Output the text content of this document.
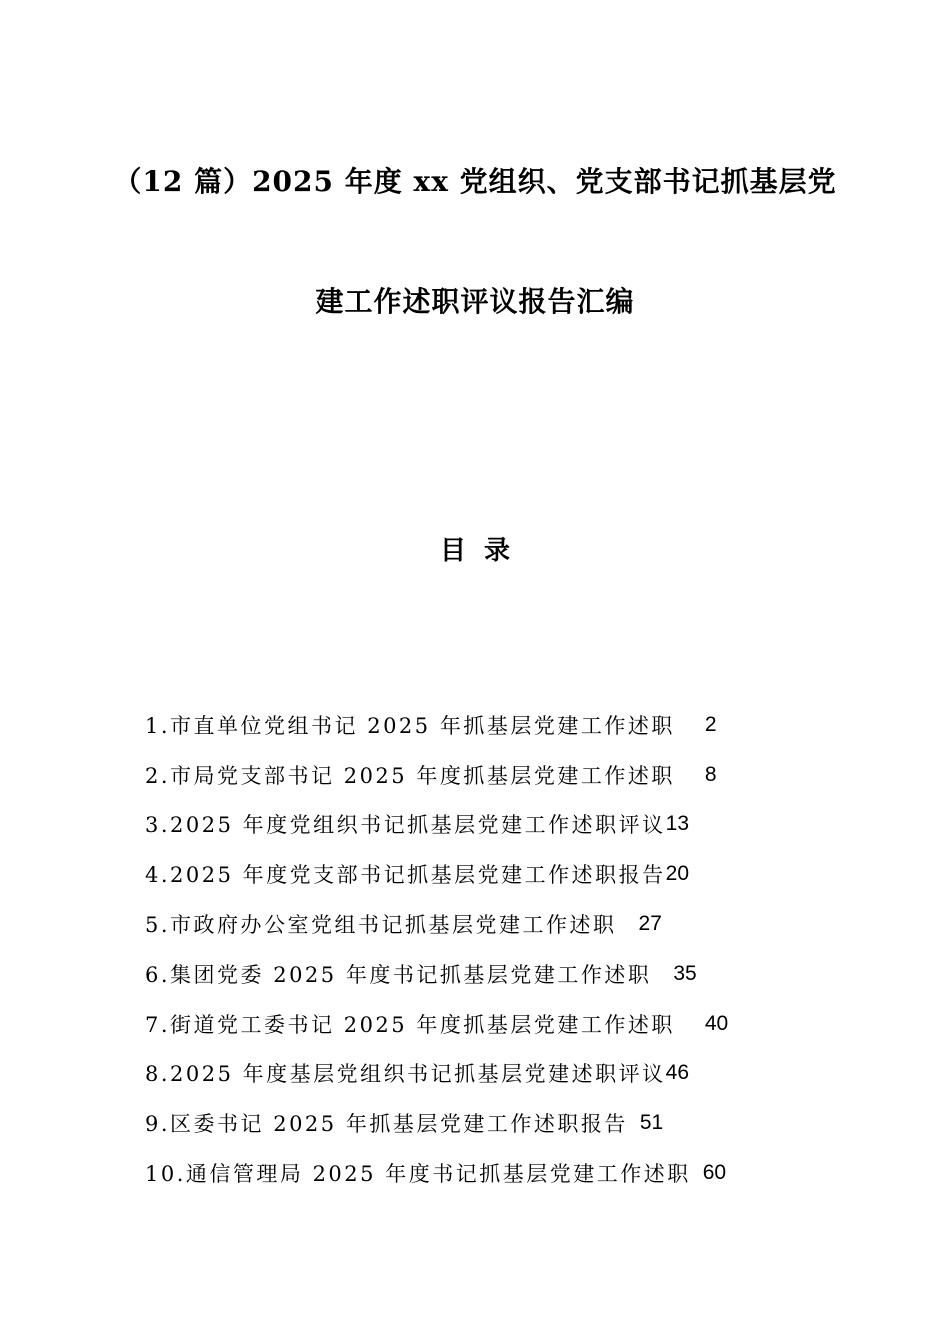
（12 篇）2025 年度 xx 党组织、党支部书记抓基层党
建工作述职评议报告汇编
目录
1.市直单位党组书记 2025 年抓基层党建工作述职 2
2.市局党支部书记 2025 年度抓基层党建工作述职 8
3.2025 年度党组织书记抓基层党建工作述职评议 13
4.2025 年度党支部书记抓基层党建工作述职报告 20
5.市政府办公室党组书记抓基层党建工作述职 27
6.集团党委 2025 年度书记抓基层党建工作述职 35
7.街道党工委书记 2025 年度抓基层党建工作述职 40
8.2025 年度基层党组织书记抓基层党建述职评议 46
9.区委书记 2025 年抓基层党建工作述职报告 51
10.通信管理局 2025 年度书记抓基层党建工作述职 60
